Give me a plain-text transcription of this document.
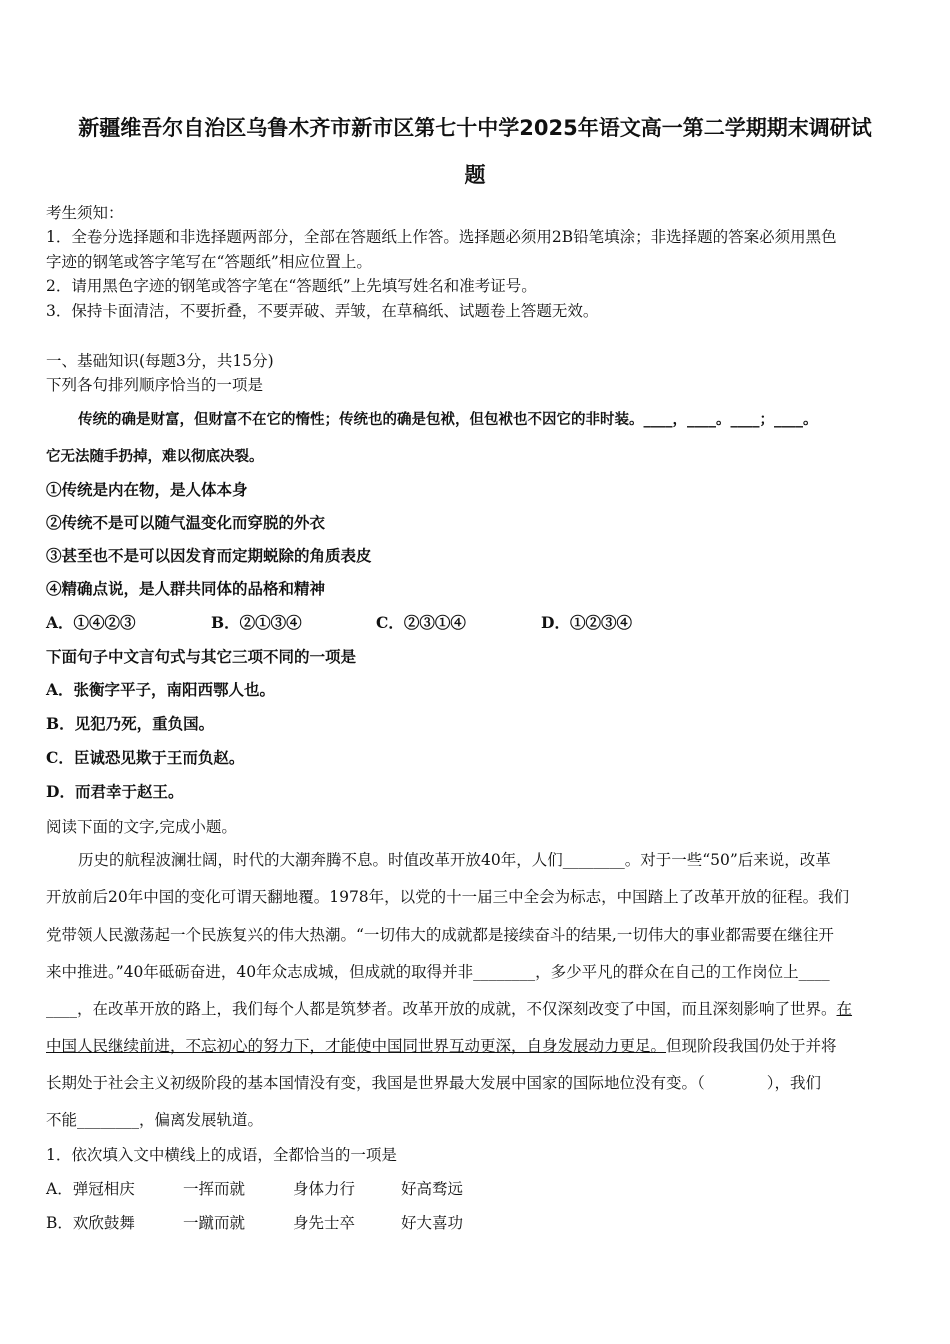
新疆维吾尔自治区乌鲁木齐市新市区第七十中学2025年语文高一第二学期期末调研试
题
考生须知：
1．全卷分选择题和非选择题两部分，全部在答题纸上作答。选择题必须用2B铅笔填涂；非选择题的答案必须用黑色
字迹的钢笔或答字笔写在“答题纸”相应位置上。
2．请用黑色字迹的钢笔或答字笔在“答题纸”上先填写姓名和准考证号。
3．保持卡面清洁，不要折叠，不要弄破、弄皱，在草稿纸、试题卷上答题无效。
一、基础知识(每题3分，共15分)
下列各句排列顺序恰当的一项是
传统的确是财富，但财富不在它的惰性；传统也的确是包袱，但包袱也不因它的非时装。____，____。____；____。
它无法随手扔掉，难以彻底决裂。
①传统是内在物，是人体本身
②传统不是可以随气温变化而穿脱的外衣
③甚至也不是可以因发育而定期蜕除的角质表皮
④精确点说，是人群共同体的品格和精神
A．①④②③	B．②①③④	C．②③①④	D．①②③④
下面句子中文言句式与其它三项不同的一项是
A．张衡字平子，南阳西鄂人也。
B．见犯乃死，重负国。
C．臣诚恐见欺于王而负赵。
D．而君幸于赵王。
阅读下面的文字,完成小题。
历史的航程波澜壮阔，时代的大潮奔腾不息。时值改革开放40年，人们________。对于一些“50”后来说，改革
开放前后20年中国的变化可谓天翻地覆。1978年，以党的十一届三中全会为标志，中国踏上了改革开放的征程。我们
党带领人民激荡起一个民族复兴的伟大热潮。“一切伟大的成就都是接续奋斗的结果,一切伟大的事业都需要在继往开
来中推进。”40年砥砺奋进，40年众志成城，但成就的取得并非________，多少平凡的群众在自己的工作岗位上____
____，在改革开放的路上，我们每个人都是筑梦者。改革开放的成就，不仅深刻改变了中国，而且深刻影响了世界。在
中国人民继续前进，不忘初心的努力下，才能使中国同世界互动更深，自身发展动力更足。但现阶段我国仍处于并将
长期处于社会主义初级阶段的基本国情没有变，我国是世界最大发展中国家的国际地位没有变。（　　　　），我们
不能________，偏离发展轨道。
1．依次填入文中横线上的成语，全都恰当的一项是
A．弹冠相庆	一挥而就	身体力行	好高骛远
B．欢欣鼓舞	一蹴而就	身先士卒	好大喜功
